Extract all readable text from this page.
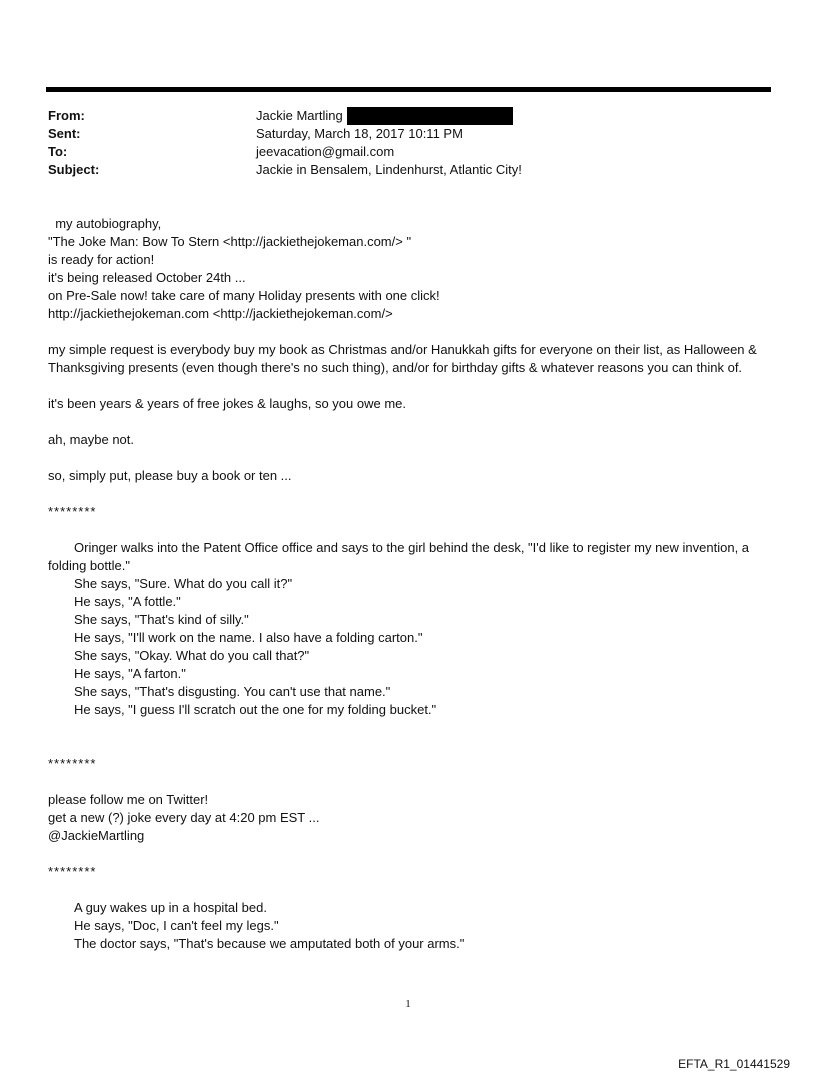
From:	Jackie Martling
Sent:	Saturday, March 18, 2017 10:11 PM
To:	jeevacation@gmail.com
Subject:	Jackie in Bensalem, Lindenhurst, Atlantic City!
my autobiography,
"The Joke Man: Bow To Stern <http://jackiethejokeman.com/> "
is ready for action!
it's being released October 24th ...
on Pre-Sale now! take care of many Holiday presents with one click!
http://jackiethejokeman.com <http://jackiethejokeman.com/>
my simple request is everybody buy my book as Christmas and/or Hanukkah gifts for everyone on their list, as Halloween & Thanksgiving presents (even though there's no such thing), and/or for birthday gifts & whatever reasons you can think of.
it's been years & years of free jokes & laughs, so you owe me.
ah, maybe not.
so, simply put, please buy a book or ten ...
********
Oringer walks into the Patent Office office and says to the girl behind the desk, "I'd like to register my new invention, a folding bottle."
She says, "Sure. What do you call it?"
He says, "A fottle."
She says, "That's kind of silly."
He says, "I'll work on the name. I also have a folding carton."
She says, "Okay. What do you call that?"
He says, "A farton."
She says, "That's disgusting. You can't use that name."
He says, "I guess I'll scratch out the one for my folding bucket."
********
please follow me on Twitter!
get a new (?) joke every day at 4:20 pm EST ...
@JackieMartling
********
A guy wakes up in a hospital bed.
He says, "Doc, I can't feel my legs."
The doctor says, "That's because we amputated both of your arms."
1
EFTA_R1_01441529
